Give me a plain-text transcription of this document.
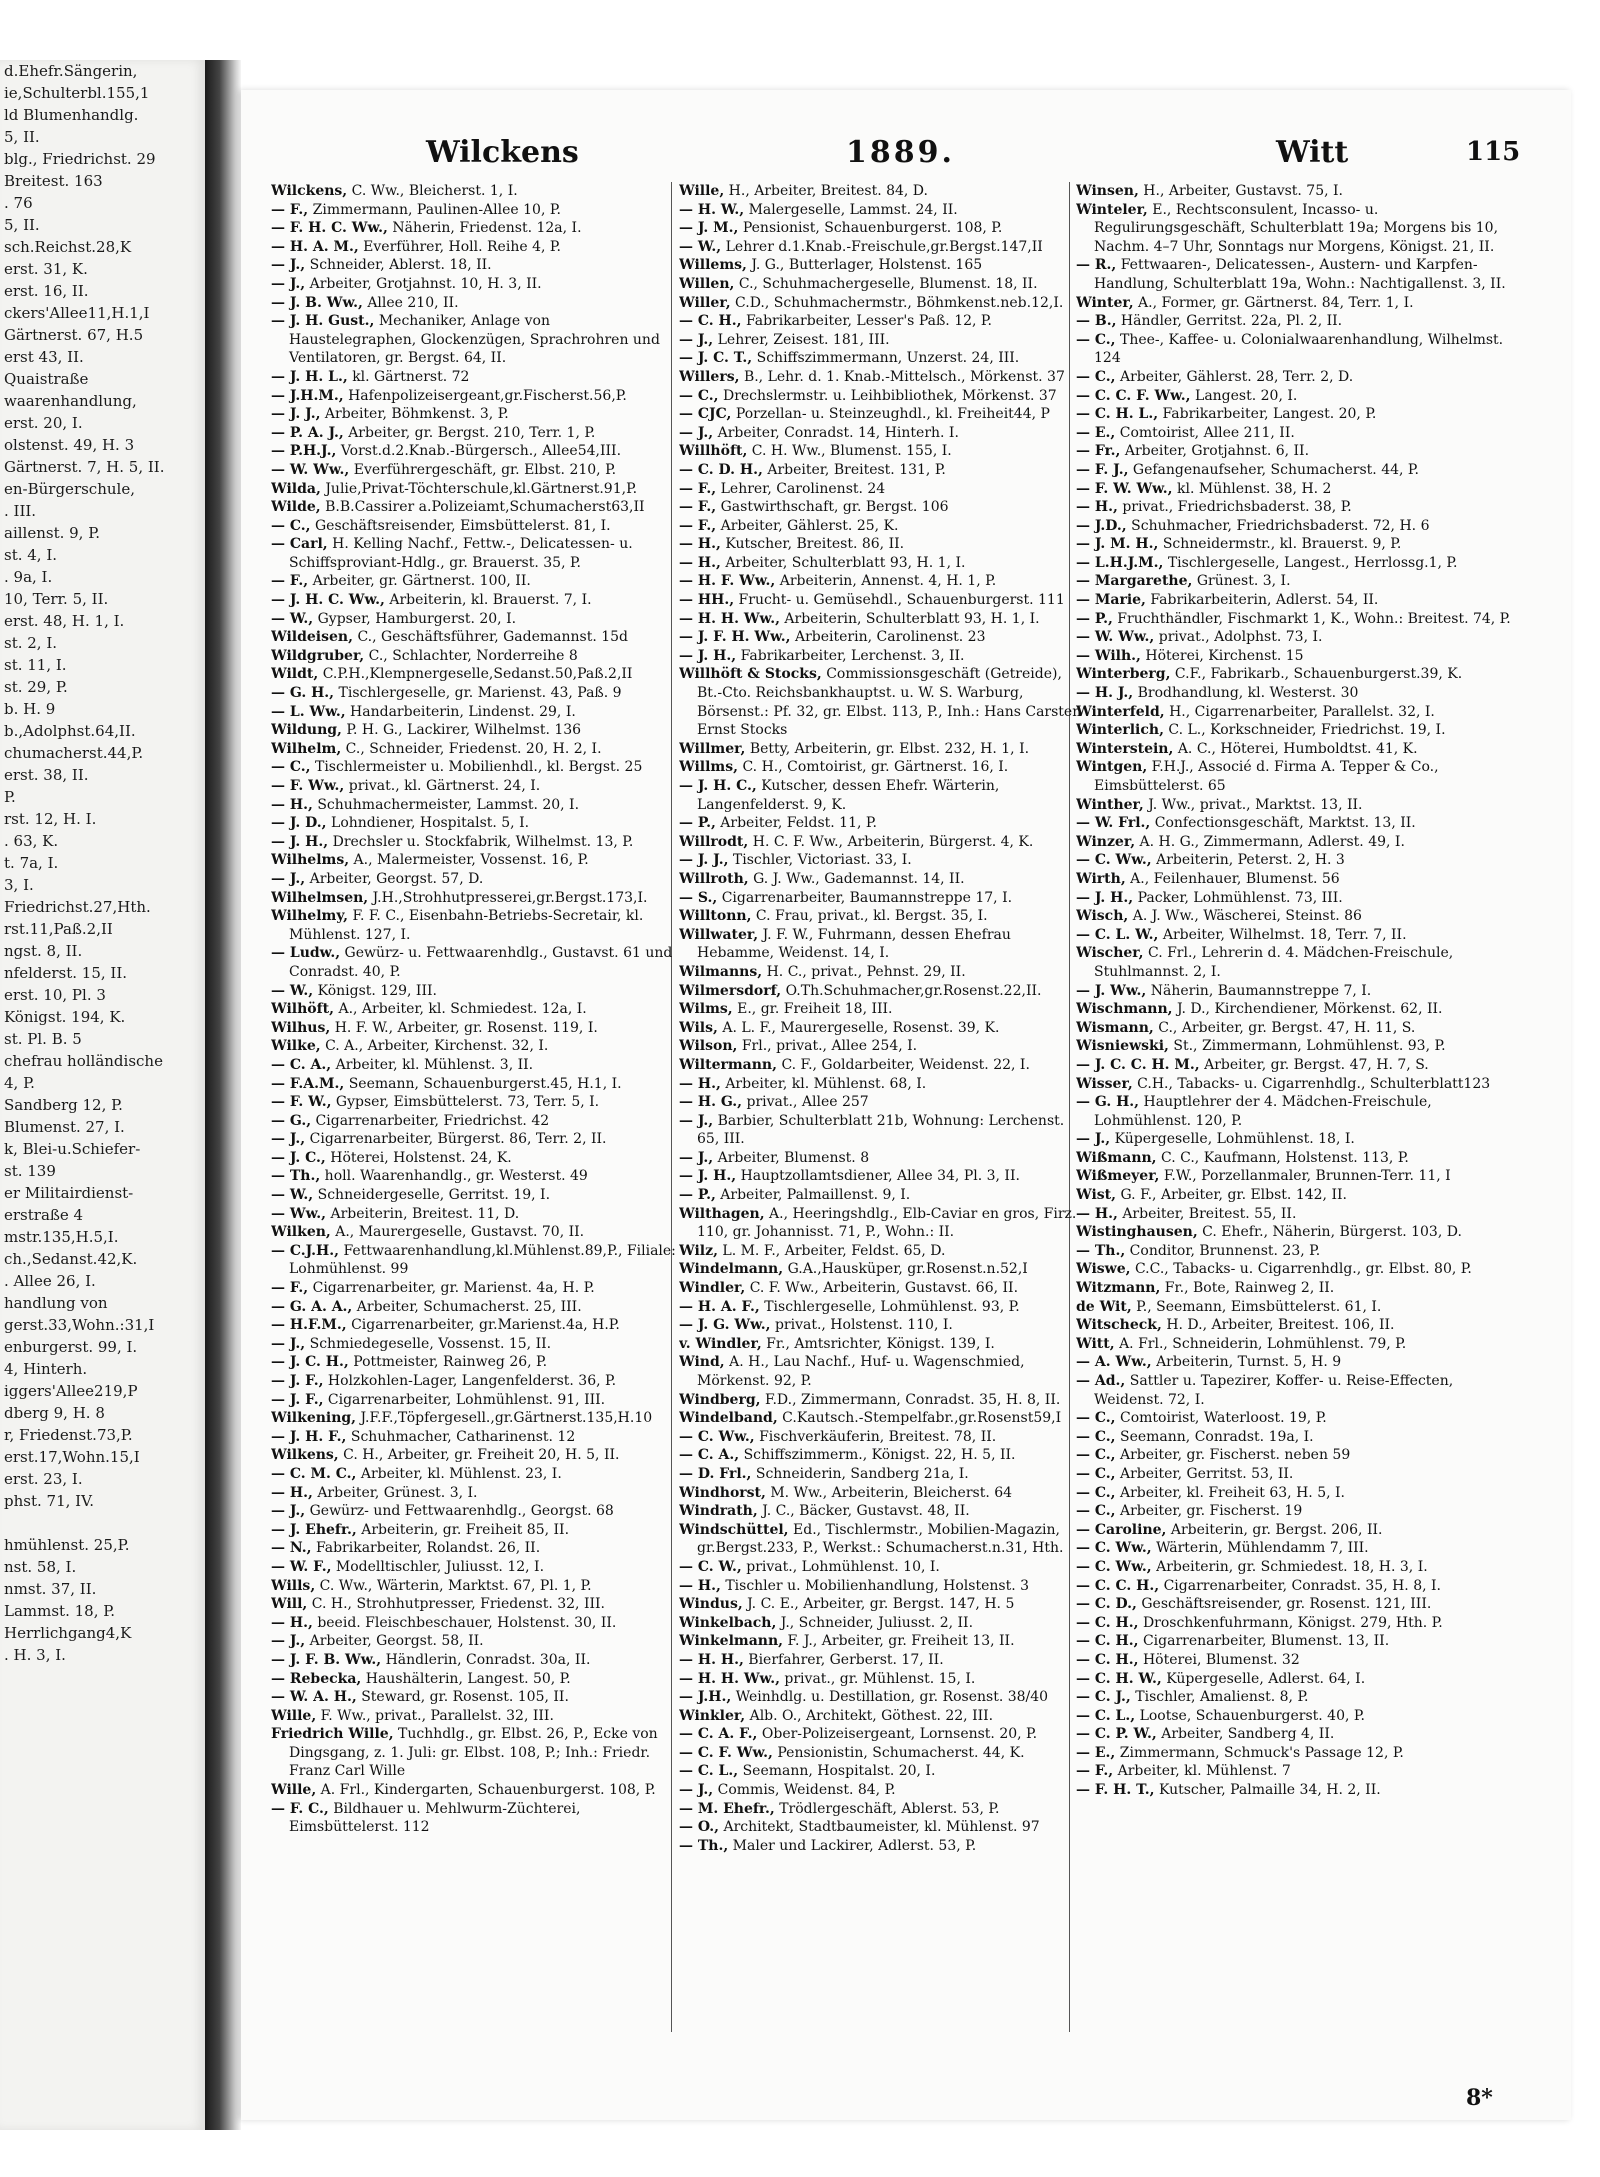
d.Ehefr.Sängerin,
ie,Schulterbl.155,1
ld Blumenhandlg.
5, II.
blg., Friedrichst. 29
Breitest. 163
. 76
5, II.
sch.Reichst.28,K
erst. 31, K.
erst. 16, II.
ckers'Allee11,H.1,I
Gärtnerst. 67, H.5
erst 43, II.
Quaistraße
waarenhandlung,
erst. 20, I.
olstenst. 49, H. 3
Gärtnerst. 7, H. 5, II.
en-Bürgerschule,
. III.
aillenst. 9, P.
st. 4, I.
. 9a, I.
10, Terr. 5, II.
erst. 48, H. 1, I.
st. 2, I.
st. 11, I.
st. 29, P.
b. H. 9
b.,Adolphst.64,II.
chumacherst.44,P.
erst. 38, II.
P.
rst. 12, H. I.
. 63, K.
t. 7a, I.
3, I.
Friedrichst.27,Hth.
rst.11,Paß.2,II
ngst. 8, II.
nfelderst. 15, II.
erst. 10, Pl. 3
Königst. 194, K.
st. Pl. B. 5
chefrau holländische
4, P.
Sandberg 12, P.
Blumenst. 27, I.
k, Blei-u.Schiefer-
st. 139
er Militairdienst-
erstraße 4
mstr.135,H.5,I.
ch.,Sedanst.42,K.
. Allee 26, I.
handlung von
gerst.33,Wohn.:31,I
enburgerst. 99, I.
4, Hinterh.
iggers'Allee219,P
dberg 9, H. 8
r, Friedenst.73,P.
erst.17,Wohn.15,I
erst. 23, I.
phst. 71, IV.
hmühlenst. 25,P.
nst. 58, I.
nmst. 37, II.
Lammst. 18, P.
Herrlichgang4,K
. H. 3, I.
Wilckens	1889.	Witt	115

Wilckens, C. Ww., Bleicherst. 1, I.

— F., Zimmermann, Paulinen-Allee 10, P.

— F. H. C. Ww., Näherin, Friedenst. 12a, I.

— H. A. M., Everführer, Holl. Reihe 4, P.

— J., Schneider, Ablerst. 18, II.

— J., Arbeiter, Grotjahnst. 10, H. 3, II.

— J. B. Ww., Allee 210, II.

— J. H. Gust., Mechaniker, Anlage von Haustelegraphen, Glockenzügen, Sprachrohren und Ventilatoren, gr. Bergst. 64, II.

— J. H. L., kl. Gärtnerst. 72

— J.H.M., Hafenpolizeisergeant,gr.Fischerst.56,P.

— J. J., Arbeiter, Böhmkenst. 3, P.

— P. A. J., Arbeiter, gr. Bergst. 210, Terr. 1, P.

— P.H.J., Vorst.d.2.Knab.-Bürgersch., Allee54,III.

— W. Ww., Everführergeschäft, gr. Elbst. 210, P.

Wilda, Julie,Privat-Töchterschule,kl.Gärtnerst.91,P.

Wilde, B.B.Cassirer a.Polizeiamt,Schumacherst63,II

— C., Geschäftsreisender, Eimsbüttelerst. 81, I.

— Carl, H. Kelling Nachf., Fettw.-, Delicatessen- u. Schiffsproviant-Hdlg., gr. Brauerst. 35, P.

— F., Arbeiter, gr. Gärtnerst. 100, II.

— J. H. C. Ww., Arbeiterin, kl. Brauerst. 7, I.

— W., Gypser, Hamburgerst. 20, I.

Wildeisen, C., Geschäftsführer, Gademannst. 15d

Wildgruber, C., Schlachter, Norderreihe 8

Wildt, C.P.H.,Klempnergeselle,Sedanst.50,Paß.2,II

— G. H., Tischlergeselle, gr. Marienst. 43, Paß. 9

— L. Ww., Handarbeiterin, Lindenst. 29, I.

Wildung, P. H. G., Lackirer, Wilhelmst. 136

Wilhelm, C., Schneider, Friedenst. 20, H. 2, I.

— C., Tischlermeister u. Mobilienhdl., kl. Bergst. 25

— F. Ww., privat., kl. Gärtnerst. 24, I.

— H., Schuhmachermeister, Lammst. 20, I.

— J. D., Lohndiener, Hospitalst. 5, I.

— J. H., Drechsler u. Stockfabrik, Wilhelmst. 13, P.

Wilhelms, A., Malermeister, Vossenst. 16, P.

— J., Arbeiter, Georgst. 57, D.

Wilhelmsen, J.H.,Strohhutpresserei,gr.Bergst.173,I.

Wilhelmy, F. F. C., Eisenbahn-Betriebs-Secretair, kl. Mühlenst. 127, I.

— Ludw., Gewürz- u. Fettwaarenhdlg., Gustavst. 61 und Conradst. 40, P.

— W., Königst. 129, III.

Wilhöft, A., Arbeiter, kl. Schmiedest. 12a, I.

Wilhus, H. F. W., Arbeiter, gr. Rosenst. 119, I.

Wilke, C. A., Arbeiter, Kirchenst. 32, I.

— C. A., Arbeiter, kl. Mühlenst. 3, II.

— F.A.M., Seemann, Schauenburgerst.45, H.1, I.

— F. W., Gypser, Eimsbüttelerst. 73, Terr. 5, I.

— G., Cigarrenarbeiter, Friedrichst. 42

— J., Cigarrenarbeiter, Bürgerst. 86, Terr. 2, II.

— J. C., Höterei, Holstenst. 24, K.

— Th., holl. Waarenhandlg., gr. Westerst. 49

— W., Schneidergeselle, Gerritst. 19, I.

— Ww., Arbeiterin, Breitest. 11, D.

Wilken, A., Maurergeselle, Gustavst. 70, II.

— C.J.H., Fettwaarenhandlung,kl.Mühlenst.89,P., Filiale: Lohmühlenst. 99

— F., Cigarrenarbeiter, gr. Marienst. 4a, H. P.

— G. A. A., Arbeiter, Schumacherst. 25, III.

— H.F.M., Cigarrenarbeiter, gr.Marienst.4a, H.P.

— J., Schmiedegeselle, Vossenst. 15, II.

— J. C. H., Pottmeister, Rainweg 26, P.

— J. F., Holzkohlen-Lager, Langenfelderst. 36, P.

— J. F., Cigarrenarbeiter, Lohmühlenst. 91, III.

Wilkening, J.F.F.,Töpfergesell.,gr.Gärtnerst.135,H.10

— J. H. F., Schuhmacher, Catharinenst. 12

Wilkens, C. H., Arbeiter, gr. Freiheit 20, H. 5, II.

— C. M. C., Arbeiter, kl. Mühlenst. 23, I.

— H., Arbeiter, Grünest. 3, I.

— J., Gewürz- und Fettwaarenhdlg., Georgst. 68

— J. Ehefr., Arbeiterin, gr. Freiheit 85, II.

— N., Fabrikarbeiter, Rolandst. 26, II.

— W. F., Modelltischler, Juliusst. 12, I.

Wills, C. Ww., Wärterin, Marktst. 67, Pl. 1, P.

Will, C. H., Strohhutpresser, Friedenst. 32, III.

— H., beeid. Fleischbeschauer, Holstenst. 30, II.

— J., Arbeiter, Georgst. 58, II.

— J. F. B. Ww., Händlerin, Conradst. 30a, II.

— Rebecka, Haushälterin, Langest. 50, P.

— W. A. H., Steward, gr. Rosenst. 105, II.

Wille, F. Ww., privat., Parallelst. 32, III.

Friedrich Wille, Tuchhdlg., gr. Elbst. 26, P., Ecke von Dingsgang, z. 1. Juli: gr. Elbst. 108, P.; Inh.: Friedr. Franz Carl Wille

Wille, A. Frl., Kindergarten, Schauenburgerst. 108, P.

— F. C., Bildhauer u. Mehlwurm-Züchterei, Eimsbüttelerst. 112

Wille, H., Arbeiter, Breitest. 84, D.

— H. W., Malergeselle, Lammst. 24, II.

— J. M., Pensionist, Schauenburgerst. 108, P.

— W., Lehrer d.1.Knab.-Freischule,gr.Bergst.147,II

Willems, J. G., Butterlager, Holstenst. 165

Willen, C., Schuhmachergeselle, Blumenst. 18, II.

Willer, C.D., Schuhmachermstr., Böhmkenst.neb.12,I.

— C. H., Fabrikarbeiter, Lesser's Paß. 12, P.

— J., Lehrer, Zeisest. 181, III.

— J. C. T., Schiffszimmermann, Unzerst. 24, III.

Willers, B., Lehr. d. 1. Knab.-Mittelsch., Mörkenst. 37

— C., Drechslermstr. u. Leihbibliothek, Mörkenst. 37

— CJC, Porzellan- u. Steinzeughdl., kl. Freiheit44, P

— J., Arbeiter, Conradst. 14, Hinterh. I.

Willhöft, C. H. Ww., Blumenst. 155, I.

— C. D. H., Arbeiter, Breitest. 131, P.

— F., Lehrer, Carolinenst. 24

— F., Gastwirthschaft, gr. Bergst. 106

— F., Arbeiter, Gählerst. 25, K.

— H., Kutscher, Breitest. 86, II.

— H., Arbeiter, Schulterblatt 93, H. 1, I.

— H. F. Ww., Arbeiterin, Annenst. 4, H. 1, P.

— HH., Frucht- u. Gemüsehdl., Schauenburgerst. 111

— H. H. Ww., Arbeiterin, Schulterblatt 93, H. 1, I.

— J. F. H. Ww., Arbeiterin, Carolinenst. 23

— J. H., Fabrikarbeiter, Lerchenst. 3, II.

Willhöft & Stocks, Commissionsgeschäft (Getreide), Bt.-Cto. Reichsbankhauptst. u. W. S. Warburg, Börsenst.: Pf. 32, gr. Elbst. 113, P., Inh.: Hans Carsten Ernst Stocks

Willmer, Betty, Arbeiterin, gr. Elbst. 232, H. 1, I.

Willms, C. H., Comtoirist, gr. Gärtnerst. 16, I.

— J. H. C., Kutscher, dessen Ehefr. Wärterin, Langenfelderst. 9, K.

— P., Arbeiter, Feldst. 11, P.

Willrodt, H. C. F. Ww., Arbeiterin, Bürgerst. 4, K.

— J. J., Tischler, Victoriast. 33, I.

Willroth, G. J. Ww., Gademannst. 14, II.

— S., Cigarrenarbeiter, Baumannstreppe 17, I.

Willtonn, C. Frau, privat., kl. Bergst. 35, I.

Willwater, J. F. W., Fuhrmann, dessen Ehefrau Hebamme, Weidenst. 14, I.

Wilmanns, H. C., privat., Pehnst. 29, II.

Wilmersdorf, O.Th.Schuhmacher,gr.Rosenst.22,II.

Wilms, E., gr. Freiheit 18, III.

Wils, A. L. F., Maurergeselle, Rosenst. 39, K.

Wilson, Frl., privat., Allee 254, I.

Wiltermann, C. F., Goldarbeiter, Weidenst. 22, I.

— H., Arbeiter, kl. Mühlenst. 68, I.

— H. G., privat., Allee 257

— J., Barbier, Schulterblatt 21b, Wohnung: Lerchenst. 65, III.

— J., Arbeiter, Blumenst. 8

— J. H., Hauptzollamtsdiener, Allee 34, Pl. 3, II.

— P., Arbeiter, Palmaillenst. 9, I.

Wilthagen, A., Heeringshdlg., Elb-Caviar en gros, Firz. 110, gr. Johannisst. 71, P., Wohn.: II.

Wilz, L. M. F., Arbeiter, Feldst. 65, D.

Windelmann, G.A.,Hausküper, gr.Rosenst.n.52,I

Windler, C. F. Ww., Arbeiterin, Gustavst. 66, II.

— H. A. F., Tischlergeselle, Lohmühlenst. 93, P.

— J. G. Ww., privat., Holstenst. 110, I.

v. Windler, Fr., Amtsrichter, Königst. 139, I.

Wind, A. H., Lau Nachf., Huf- u. Wagenschmied, Mörkenst. 92, P.

Windberg, F.D., Zimmermann, Conradst. 35, H. 8, II.

Windelband, C.Kautsch.-Stempelfabr.,gr.Rosenst59,I

— C. Ww., Fischverkäuferin, Breitest. 78, II.

— C. A., Schiffszimmerm., Königst. 22, H. 5, II.

— D. Frl., Schneiderin, Sandberg 21a, I.

Windhorst, M. Ww., Arbeiterin, Bleicherst. 64

Windrath, J. C., Bäcker, Gustavst. 48, II.

Windschüttel, Ed., Tischlermstr., Mobilien-Magazin, gr.Bergst.233, P., Werkst.: Schumacherst.n.31, Hth.

— C. W., privat., Lohmühlenst. 10, I.

— H., Tischler u. Mobilienhandlung, Holstenst. 3

Windus, J. C. E., Arbeiter, gr. Bergst. 147, H. 5

Winkelbach, J., Schneider, Juliusst. 2, II.

Winkelmann, F. J., Arbeiter, gr. Freiheit 13, II.

— H. H., Bierfahrer, Gerberst. 17, II.

— H. H. Ww., privat., gr. Mühlenst. 15, I.

— J.H., Weinhdlg. u. Destillation, gr. Rosenst. 38/40

Winkler, Alb. O., Architekt, Göthest. 22, III.

— C. A. F., Ober-Polizeisergeant, Lornsenst. 20, P.

— C. F. Ww., Pensionistin, Schumacherst. 44, K.

— C. L., Seemann, Hospitalst. 20, I.

— J., Commis, Weidenst. 84, P.

— M. Ehefr., Trödlergeschäft, Ablerst. 53, P.

— O., Architekt, Stadtbaumeister, kl. Mühlenst. 97

— Th., Maler und Lackirer, Adlerst. 53, P.

Winsen, H., Arbeiter, Gustavst. 75, I.

Winteler, E., Rechtsconsulent, Incasso- u. Regulirungsgeschäft, Schulterblatt 19a; Morgens bis 10, Nachm. 4–7 Uhr, Sonntags nur Morgens, Königst. 21, II.

— R., Fettwaaren-, Delicatessen-, Austern- und Karpfen-Handlung, Schulterblatt 19a, Wohn.: Nachtigallenst. 3, II.

Winter, A., Former, gr. Gärtnerst. 84, Terr. 1, I.

— B., Händler, Gerritst. 22a, Pl. 2, II.

— C., Thee-, Kaffee- u. Colonialwaarenhandlung, Wilhelmst. 124

— C., Arbeiter, Gählerst. 28, Terr. 2, D.

— C. C. F. Ww., Langest. 20, I.

— C. H. L., Fabrikarbeiter, Langest. 20, P.

— E., Comtoirist, Allee 211, II.

— Fr., Arbeiter, Grotjahnst. 6, II.

— F. J., Gefangenaufseher, Schumacherst. 44, P.

— F. W. Ww., kl. Mühlenst. 38, H. 2

— H., privat., Friedrichsbaderst. 38, P.

— J.D., Schuhmacher, Friedrichsbaderst. 72, H. 6

— J. M. H., Schneidermstr., kl. Brauerst. 9, P.

— L.H.J.M., Tischlergeselle, Langest., Herrlossg.1, P.

— Margarethe, Grünest. 3, I.

— Marie, Fabrikarbeiterin, Adlerst. 54, II.

— P., Fruchthändler, Fischmarkt 1, K., Wohn.: Breitest. 74, P.

— W. Ww., privat., Adolphst. 73, I.

— Wilh., Höterei, Kirchenst. 15

Winterberg, C.F., Fabrikarb., Schauenburgerst.39, K.

— H. J., Brodhandlung, kl. Westerst. 30

Winterfeld, H., Cigarrenarbeiter, Parallelst. 32, I.

Winterlich, C. L., Korkschneider, Friedrichst. 19, I.

Winterstein, A. C., Höterei, Humboldtst. 41, K.

Wintgen, F.H.J., Associé d. Firma A. Tepper & Co., Eimsbüttelerst. 65

Winther, J. Ww., privat., Marktst. 13, II.

— W. Frl., Confectionsgeschäft, Marktst. 13, II.

Winzer, A. H. G., Zimmermann, Adlerst. 49, I.

— C. Ww., Arbeiterin, Peterst. 2, H. 3

Wirth, A., Feilenhauer, Blumenst. 56

— J. H., Packer, Lohmühlenst. 73, III.

Wisch, A. J. Ww., Wäscherei, Steinst. 86

— C. L. W., Arbeiter, Wilhelmst. 18, Terr. 7, II.

Wischer, C. Frl., Lehrerin d. 4. Mädchen-Freischule, Stuhlmannst. 2, I.

— J. Ww., Näherin, Baumannstreppe 7, I.

Wischmann, J. D., Kirchendiener, Mörkenst. 62, II.

Wismann, C., Arbeiter, gr. Bergst. 47, H. 11, S.

Wisniewski, St., Zimmermann, Lohmühlenst. 93, P.

— J. C. C. H. M., Arbeiter, gr. Bergst. 47, H. 7, S.

Wisser, C.H., Tabacks- u. Cigarrenhdlg., Schulterblatt123

— G. H., Hauptlehrer der 4. Mädchen-Freischule, Lohmühlenst. 120, P.

— J., Küpergeselle, Lohmühlenst. 18, I.

Wißmann, C. C., Kaufmann, Holstenst. 113, P.

Wißmeyer, F.W., Porzellanmaler, Brunnen-Terr. 11, I

Wist, G. F., Arbeiter, gr. Elbst. 142, II.

— H., Arbeiter, Breitest. 55, II.

Wistinghausen, C. Ehefr., Näherin, Bürgerst. 103, D.

— Th., Conditor, Brunnenst. 23, P.

Wiswe, C.C., Tabacks- u. Cigarrenhdlg., gr. Elbst. 80, P.

Witzmann, Fr., Bote, Rainweg 2, II.

de Wit, P., Seemann, Eimsbüttelerst. 61, I.

Witscheck, H. D., Arbeiter, Breitest. 106, II.

Witt, A. Frl., Schneiderin, Lohmühlenst. 79, P.

— A. Ww., Arbeiterin, Turnst. 5, H. 9

— Ad., Sattler u. Tapezirer, Koffer- u. Reise-Effecten, Weidenst. 72, I.

— C., Comtoirist, Waterloost. 19, P.

— C., Seemann, Conradst. 19a, I.

— C., Arbeiter, gr. Fischerst. neben 59

— C., Arbeiter, Gerritst. 53, II.

— C., Arbeiter, kl. Freiheit 63, H. 5, I.

— C., Arbeiter, gr. Fischerst. 19

— Caroline, Arbeiterin, gr. Bergst. 206, II.

— C. Ww., Wärterin, Mühlendamm 7, III.

— C. Ww., Arbeiterin, gr. Schmiedest. 18, H. 3, I.

— C. C. H., Cigarrenarbeiter, Conradst. 35, H. 8, I.

— C. D., Geschäftsreisender, gr. Rosenst. 121, III.

— C. H., Droschkenfuhrmann, Königst. 279, Hth. P.

— C. H., Cigarrenarbeiter, Blumenst. 13, II.

— C. H., Höterei, Blumenst. 32

— C. H. W., Küpergeselle, Adlerst. 64, I.

— C. J., Tischler, Amalienst. 8, P.

— C. L., Lootse, Schauenburgerst. 40, P.

— C. P. W., Arbeiter, Sandberg 4, II.

— E., Zimmermann, Schmuck's Passage 12, P.

— F., Arbeiter, kl. Mühlenst. 7

— F. H. T., Kutscher, Palmaille 34, H. 2, II.

8*
